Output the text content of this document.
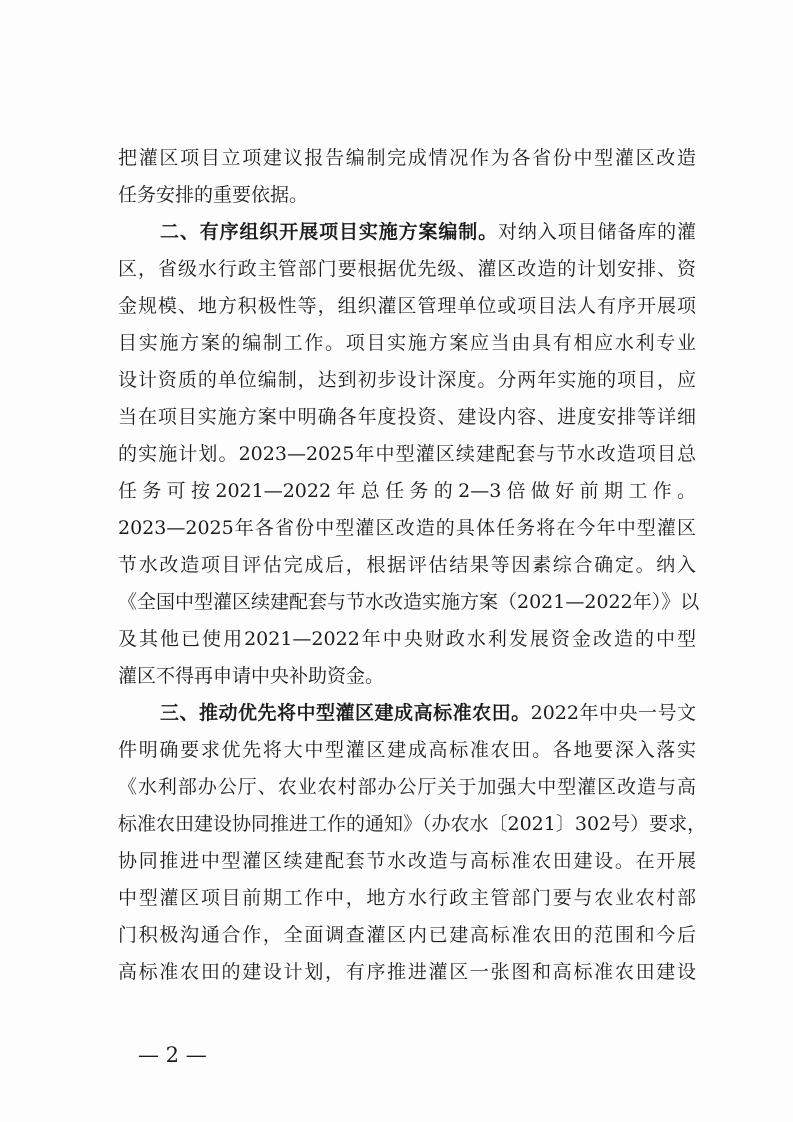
把灌区项目立项建议报告编制完成情况作为各省份中型灌区改造
任务安排的重要依据。
二、有序组织开展项目实施方案编制。对纳入项目储备库的灌
区，省级水行政主管部门要根据优先级、灌区改造的计划安排、资
金规模、地方积极性等，组织灌区管理单位或项目法人有序开展项
目实施方案的编制工作。项目实施方案应当由具有相应水利专业
设计资质的单位编制，达到初步设计深度。分两年实施的项目，应
当在项目实施方案中明确各年度投资、建设内容、进度安排等详细
的实施计划。2023—2025年中型灌区续建配套与节水改造项目总
任务可按2021—2022年总任务的2—3倍做好前期工作。
2023—2025年各省份中型灌区改造的具体任务将在今年中型灌区
节水改造项目评估完成后，根据评估结果等因素综合确定。纳入
《全国中型灌区续建配套与节水改造实施方案（2021—2022年）》以
及其他已使用2021—2022年中央财政水利发展资金改造的中型
灌区不得再申请中央补助资金。
三、推动优先将中型灌区建成高标准农田。2022年中央一号文
件明确要求优先将大中型灌区建成高标准农田。各地要深入落实
《水利部办公厅、农业农村部办公厅关于加强大中型灌区改造与高
标准农田建设协同推进工作的通知》（办农水〔2021〕302号）要求，
协同推进中型灌区续建配套节水改造与高标准农田建设。在开展
中型灌区项目前期工作中，地方水行政主管部门要与农业农村部
门积极沟通合作，全面调查灌区内已建高标准农田的范围和今后
高标准农田的建设计划，有序推进灌区一张图和高标准农田建设
— 2 —
